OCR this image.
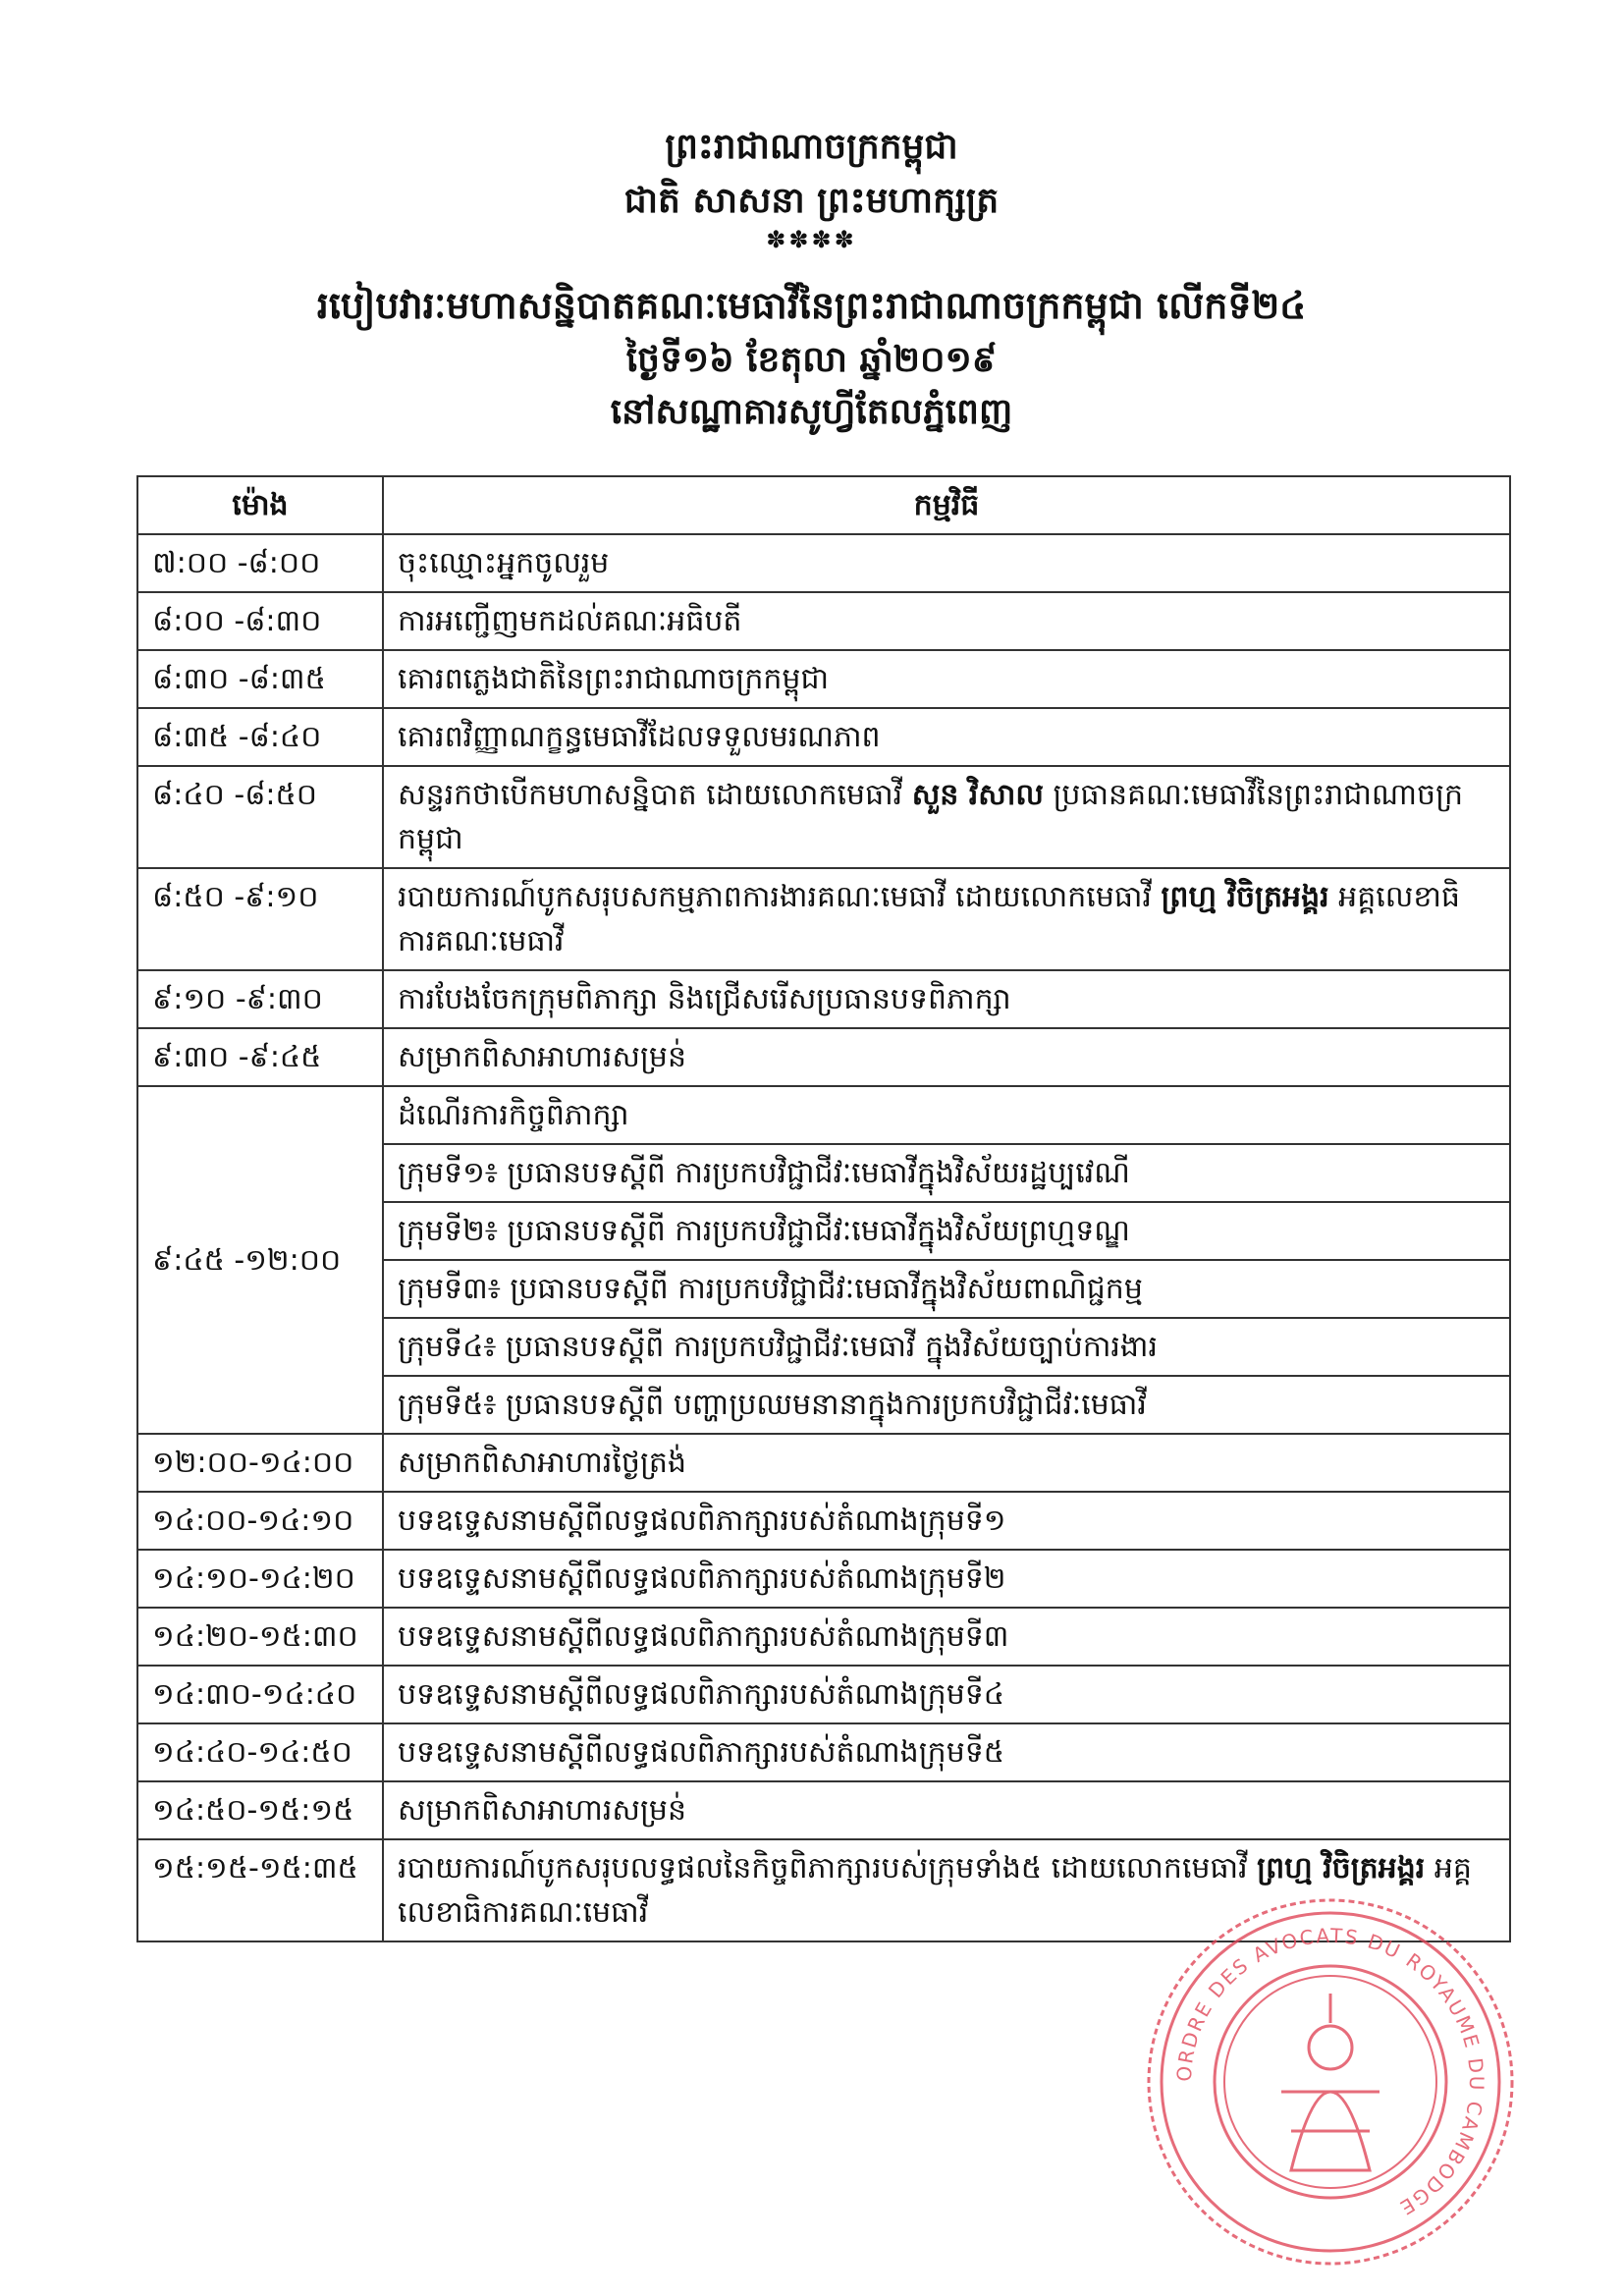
ព្រះរាជាណាចក្រកម្ពុជា
ជាតិ សាសនា ព្រះមហាក្សត្រ
✽✽✽✽
របៀបវារៈមហាសន្និបាតគណៈមេធាវីនៃព្រះរាជាណាចក្រកម្ពុជា លើកទី២៤
ថ្ងៃទី១៦ ខែតុលា ឆ្នាំ២០១៩
នៅសណ្ឋាគារសូហ្វីតែលភ្នំពេញ
ម៉ោង	កម្មវិធី
៧:០០ -៨:០០	ចុះឈ្មោះអ្នកចូលរួម
៨:០០ -៨:៣០	ការអញ្ជើញមកដល់គណៈអធិបតី
៨:៣០ -៨:៣៥	គោរពភ្លេងជាតិនៃព្រះរាជាណាចក្រកម្ពុជា
៨:៣៥ -៨:៤០	គោរពវិញ្ញាណក្ខន្ធមេធាវីដែលទទួលមរណភាព
៨:៤០ -៨:៥០	សន្ទរកថាបើកមហាសន្និបាត ដោយលោកមេធាវី សួន វិសាល ប្រធានគណៈមេធាវីនៃព្រះរាជាណាចក្រកម្ពុជា
៨:៥០ -៩:១០	របាយការណ៍បូកសរុបសកម្មភាពការងារគណៈមេធាវី ដោយលោកមេធាវី ព្រហ្ម វិចិត្រអង្គរ អគ្គលេខាធិការគណៈមេធាវី
៩:១០ -៩:៣០	ការបែងចែកក្រុមពិភាក្សា និងជ្រើសរើសប្រធានបទពិភាក្សា
៩:៣០ -៩:៤៥	សម្រាកពិសាអាហារសម្រន់
៩:៤៥ -១២:០០	ដំណើរការកិច្ចពិភាក្សា
	ក្រុមទី១៖ ប្រធានបទស្តីពី ការប្រកបវិជ្ជាជីវៈមេធាវីក្នុងវិស័យរដ្ឋប្បវេណី
	ក្រុមទី២៖ ប្រធានបទស្តីពី ការប្រកបវិជ្ជាជីវៈមេធាវីក្នុងវិស័យព្រហ្មទណ្ឌ
	ក្រុមទី៣៖ ប្រធានបទស្តីពី ការប្រកបវិជ្ជាជីវៈមេធាវីក្នុងវិស័យពាណិជ្ជកម្ម
	ក្រុមទី៤៖ ប្រធានបទស្តីពី ការប្រកបវិជ្ជាជីវៈមេធាវី ក្នុងវិស័យច្បាប់ការងារ
	ក្រុមទី៥៖ ប្រធានបទស្តីពី បញ្ហាប្រឈមនានាក្នុងការប្រកបវិជ្ជាជីវៈមេធាវី
១២:០០-១៤:០០	សម្រាកពិសាអាហារថ្ងៃត្រង់
១៤:០០-១៤:១០	បទឧទ្ទេសនាមស្តីពីលទ្ធផលពិភាក្សារបស់តំណាងក្រុមទី១
១៤:១០-១៤:២០	បទឧទ្ទេសនាមស្តីពីលទ្ធផលពិភាក្សារបស់តំណាងក្រុមទី២
១៤:២០-១៥:៣០	បទឧទ្ទេសនាមស្តីពីលទ្ធផលពិភាក្សារបស់តំណាងក្រុមទី៣
១៤:៣០-១៤:៤០	បទឧទ្ទេសនាមស្តីពីលទ្ធផលពិភាក្សារបស់តំណាងក្រុមទី៤
១៤:៤០-១៤:៥០	បទឧទ្ទេសនាមស្តីពីលទ្ធផលពិភាក្សារបស់តំណាងក្រុមទី៥
១៤:៥០-១៥:១៥	សម្រាកពិសាអាហារសម្រន់
១៥:១៥-១៥:៣៥	របាយការណ៍បូកសរុបលទ្ធផលនៃកិច្ចពិភាក្សារបស់ក្រុមទាំង៥ ដោយលោកមេធាវី ព្រហ្ម វិចិត្រអង្គរ អគ្គលេខាធិការគណៈមេធាវី
ORDRE DES AVOCATS DU ROYAUME DU CAMBODGE
